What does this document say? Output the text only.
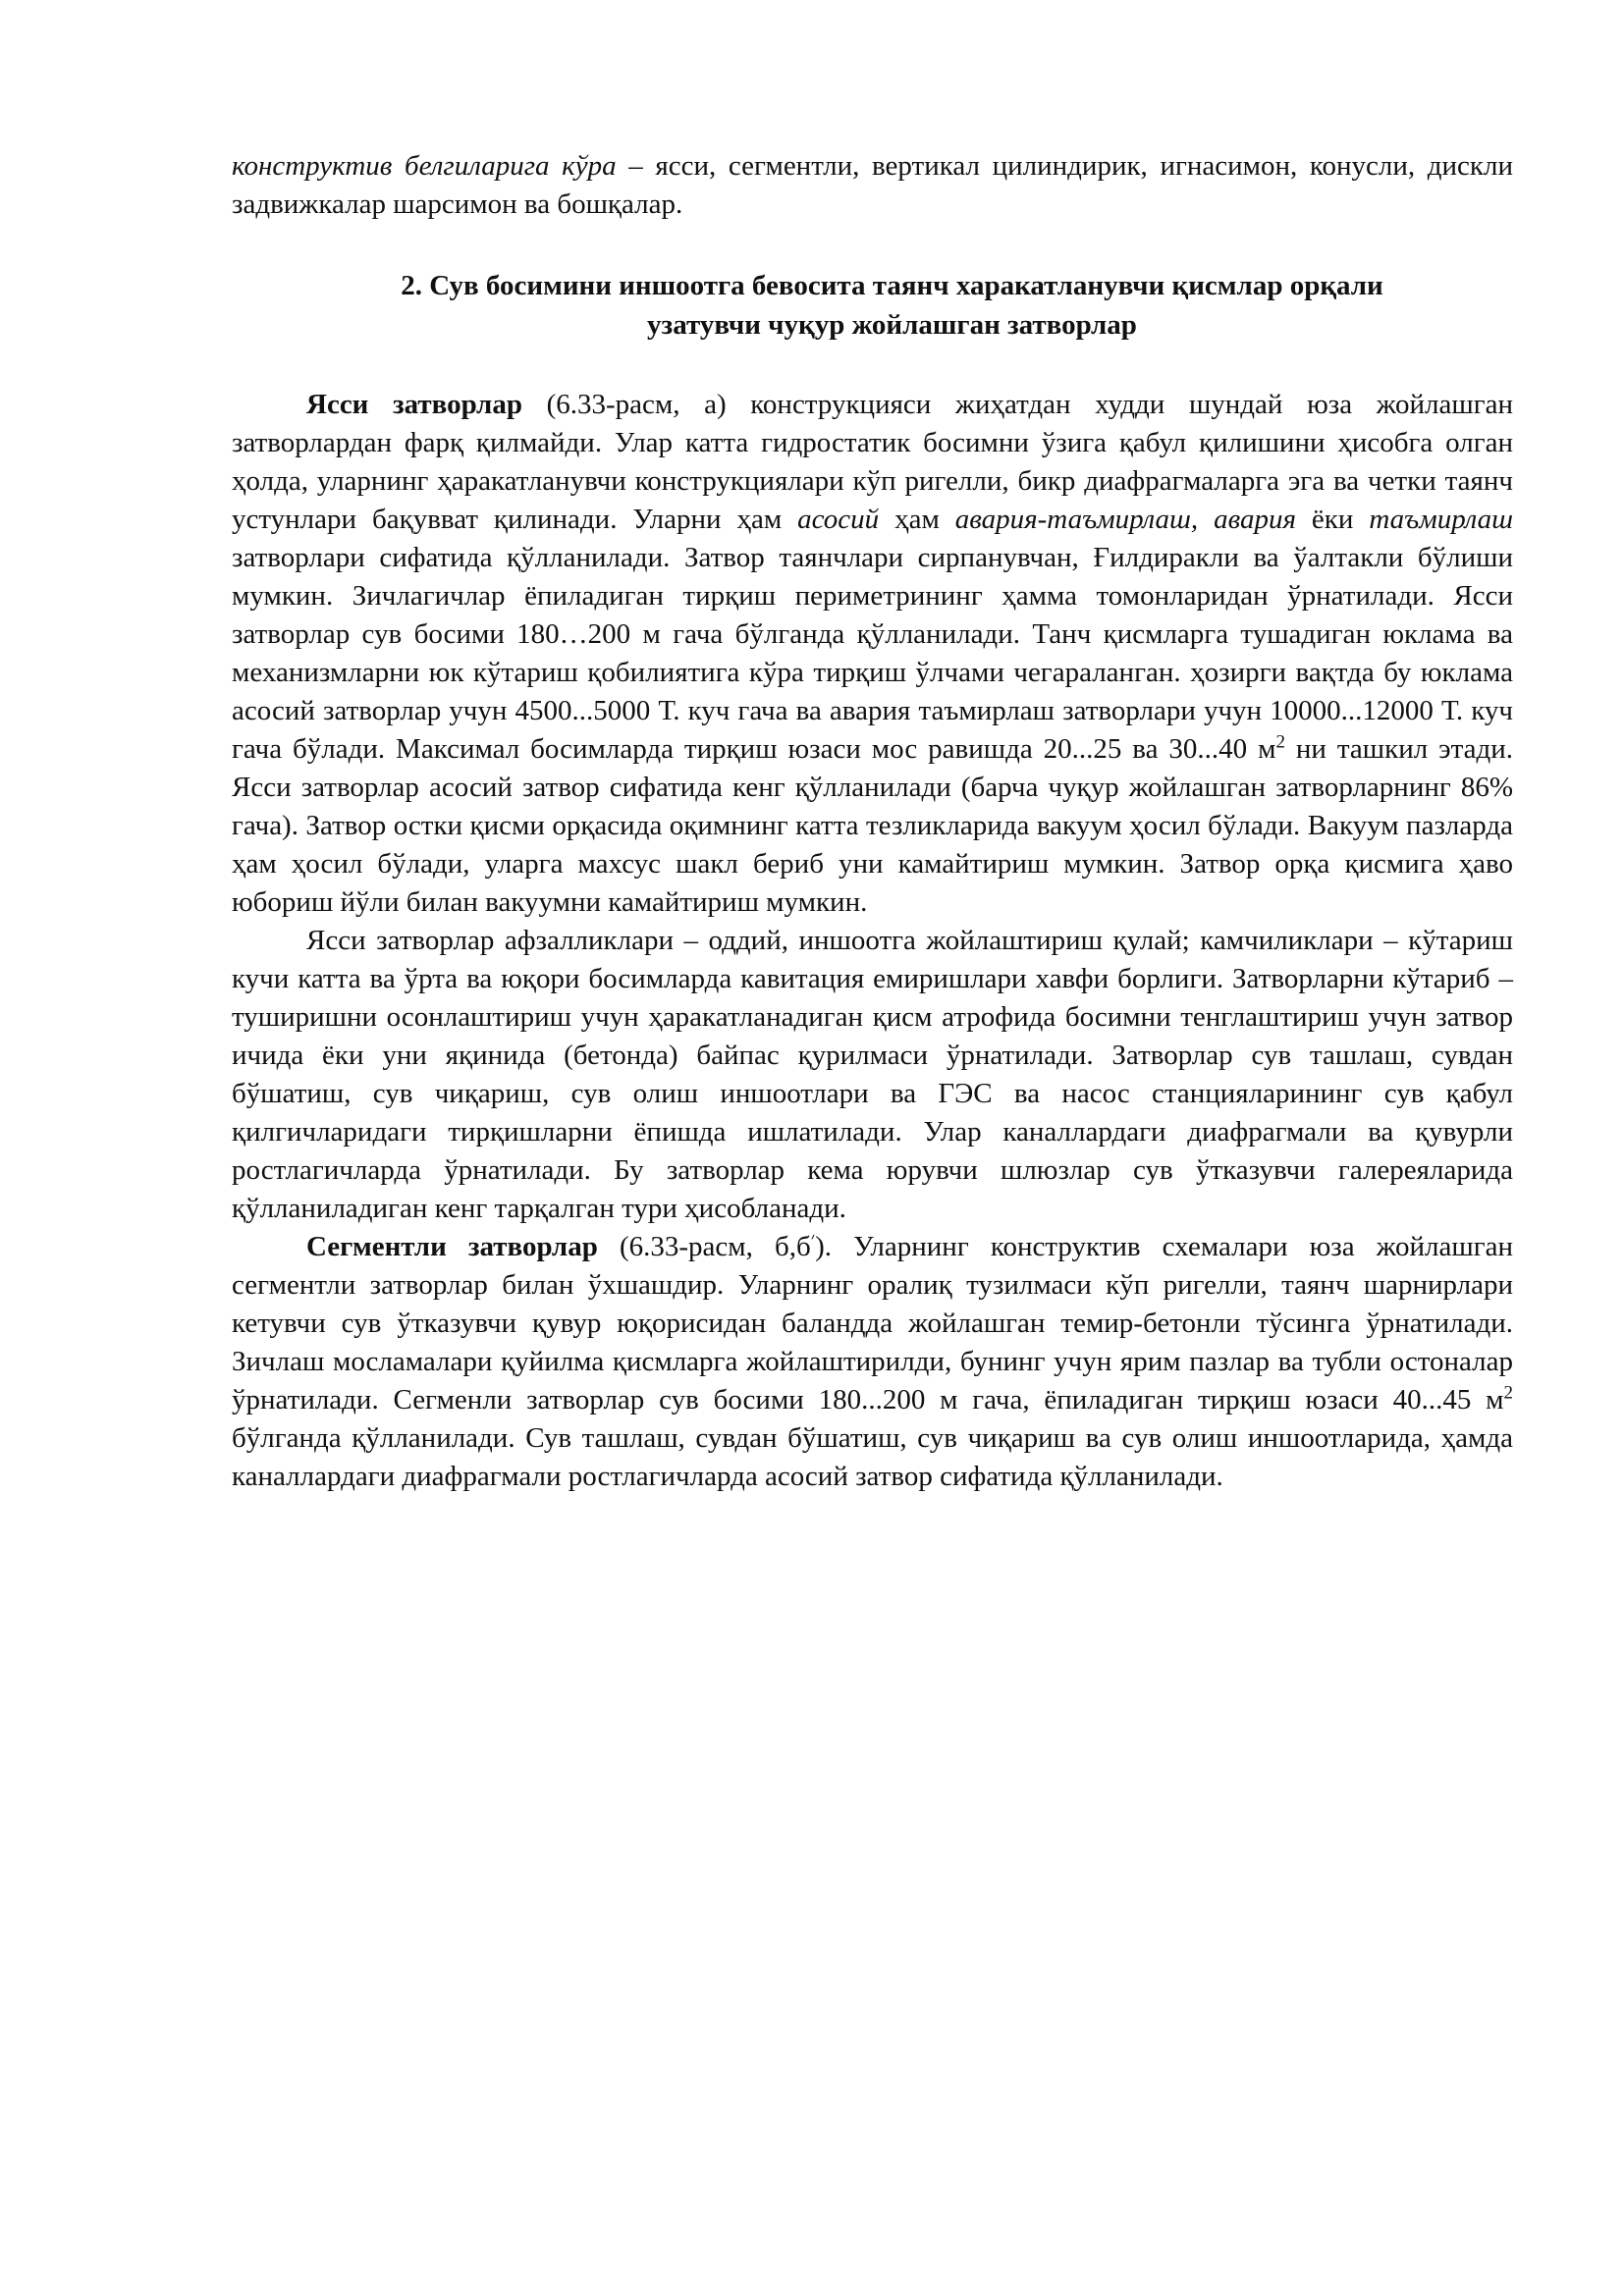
конструктив белгиларига кўра – ясси, сегментли, вертикал цилиндирик, игнасимон, конусли, дискли задвижкалар шарсимон ва бошқалар.

2. Сув босимини иншоотга бевосита таянч харакатланувчи қисмлар орқали
узатувчи чуқур жойлашган затворлар

Ясси затворлар (6.33-расм, а) конструкцияси жиҳатдан худди шундай юза жойлашган затворлардан фарқ қилмайди. Улар катта гидростатик босимни ўзига қабул қилишини ҳисобга олган ҳолда, уларнинг ҳаракатланувчи конструкциялари кўп ригелли, бикр диафрагмаларга эга ва четки таянч устунлари бақувват қилинади. Уларни ҳам асосий ҳам авария-таъмирлаш, авария ёки таъмирлаш затворлари сифатида қўлланилади. Затвор таянчлари сирпанувчан, Ғилдиракли ва ўалтакли бўлиши мумкин. Зичлагичлар ёпиладиган тирқиш периметрининг ҳамма томонларидан ўрнатилади. Ясси затворлар сув босими 180…200 м гача бўлганда қўлланилади. Танч қисмларга тушадиган юклама ва механизмларни юк кўтариш қобилиятига кўра тирқиш ўлчами чегараланган. ҳозирги вақтда бу юклама асосий затворлар учун 4500...5000 Т. куч гача ва авария таъмирлаш затворлари учун 10000...12000 Т. куч гача бўлади. Максимал босимларда тирқиш юзаси мос равишда 20...25 ва 30...40 $м^2$ ни ташкил этади. Ясси затворлар асосий затвор сифатида кенг қўлланилади (барча чуқур жойлашган затворларнинг 86% гача). Затвор остки қисми орқасида оқимнинг катта тезликларида вакуум ҳосил бўлади. Вакуум пазларда ҳам ҳосил бўлади, уларга махсус шакл бериб уни камайтириш мумкин. Затвор орқа қисмига ҳаво юбориш йўли билан вакуумни камайтириш мумкин.

Ясси затворлар афзалликлари – оддий, иншоотга жойлаштириш қулай; камчиликлари – кўтариш кучи катта ва ўрта ва юқори босимларда кавитация емиришлари хавфи борлиги. Затворларни кўтариб – туширишни осонлаштириш учун ҳаракатланадиган қисм атрофида босимни тенглаштириш учун затвор ичида ёки уни яқинида (бетонда) байпас қурилмаси ўрнатилади. Затворлар сув ташлаш, сувдан бўшатиш, сув чиқариш, сув олиш иншоотлари ва ГЭС ва насос станцияларининг сув қабул қилгичларидаги тирқишларни ёпишда ишлатилади. Улар каналлардаги диафрагмали ва қувурли ростлагичларда ўрнатилади. Бу затворлар кема юрувчи шлюзлар сув ўтказувчи галереяларида қўлланиладиган кенг тарқалган тури ҳисобланади.

Сегментли затворлар (6.33-расм, б,б׳). Уларнинг конструктив схемалари юза жойлашган сегментли затворлар билан ўхшашдир. Уларнинг оралиқ тузилмаси кўп ригелли, таянч шарнирлари кетувчи сув ўтказувчи қувур юқорисидан баландда жойлашган темир-бетонли тўсинга ўрнатилади. Зичлаш мосламалари қуйилма қисмларга жойлаштирилди, бунинг учун ярим пазлар ва тубли остоналар ўрнатилади. Сегменли затворлар сув босими 180...200 м гача, ёпиладиган тирқиш юзаси 40...45 $м^2$ бўлганда қўлланилади. Сув ташлаш, сувдан бўшатиш, сув чиқариш ва сув олиш иншоотларида, ҳамда каналлардаги диафрагмали ростлагичларда асосий затвор сифатида қўлланилади.
